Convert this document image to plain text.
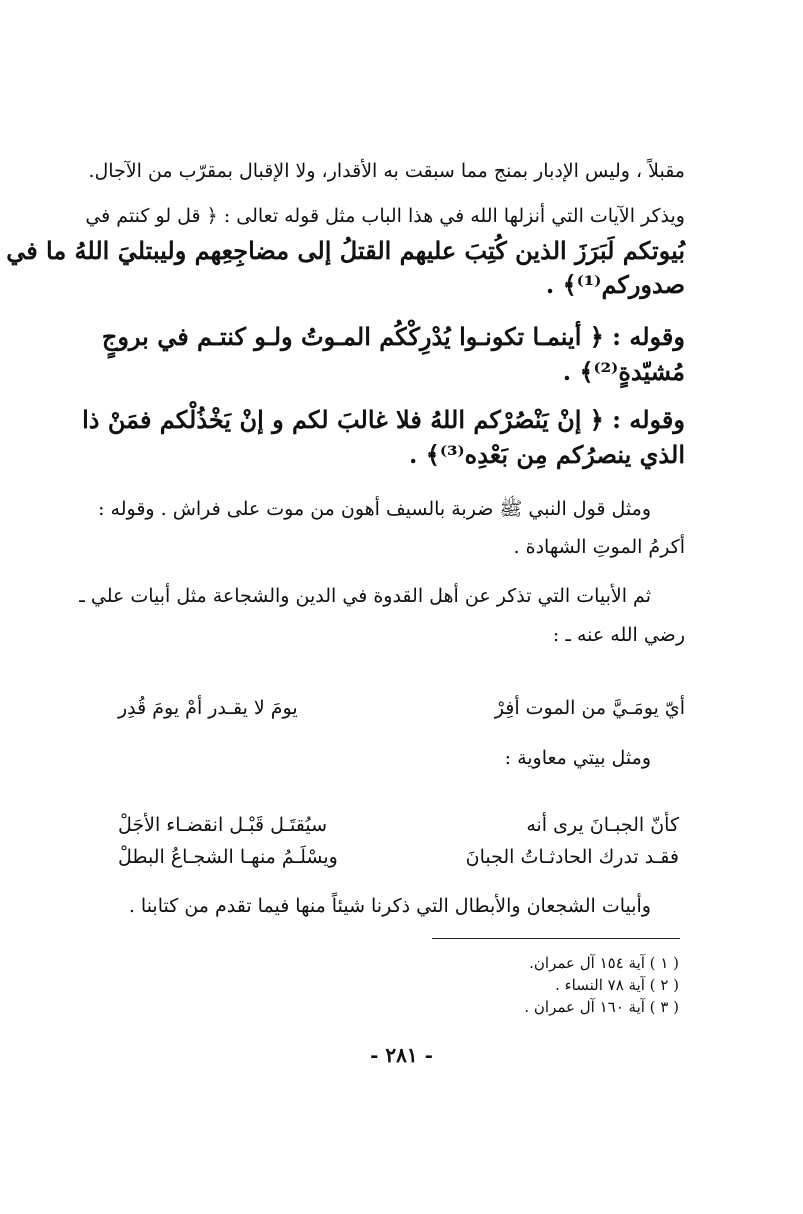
مقبلاً ، وليس الإدبار بمنج مما سبقت به الأقدار، ولا الإقبال بمقرّب من الآجال.
ويذكر الآيات التي أنزلها الله في هذا الباب مثل قوله تعالى : ﴿ قل لو كنتم في
بُيوتكم لَبَرَزَ الذين كُتِبَ عليهم القتلُ إلى مضاجِعِهم وليبتليَ اللهُ ما في
صدوركم⁽¹⁾﴾ .
وقوله : ﴿ أينمـا تكونـوا يُدْرِكْكُم المـوتُ ولـو كنتـم في بروجٍ
مُشيّدةٍ⁽²⁾﴾ .
وقوله : ﴿ إنْ يَنْصُرْكم اللهُ فلا غالبَ لكم و إنْ يَخْذُلْكم فمَنْ ذا
الذي ينصرُكم مِن بَعْدِه⁽³⁾﴾ .
ومثل قول النبي ﷺ ضربة بالسيف أهون من موت على فراش . وقوله :
أكرمُ الموتِ الشهادة .
ثم الأبيات التي تذكر عن أهل القدوة في الدين والشجاعة مثل أبيات علي ـ
رضي الله عنه ـ :
أيّ يومَـيَّ من الموت أفِرْ
يومَ لا يقـدر أمْ يومَ قُدِر
ومثل بيتي معاوية :
كأنّ الجبـانَ يرى أنه
سيُقتَـل قَبْـل انقضـاء الأجَلْ
فقـد تدرك الحادثـاتُ الجبانَ
ويسْلَـمُ منهـا الشجـاعُ البطلْ
وأبيات الشجعان والأبطال التي ذكرنا شيئاً منها فيما تقدم من كتابنا .
( ١ ) آية ١٥٤ آل عمران.
( ٢ ) آية ٧٨ النساء .
( ٣ ) آية ١٦٠ آل عمران .
- ٢٨١ -
